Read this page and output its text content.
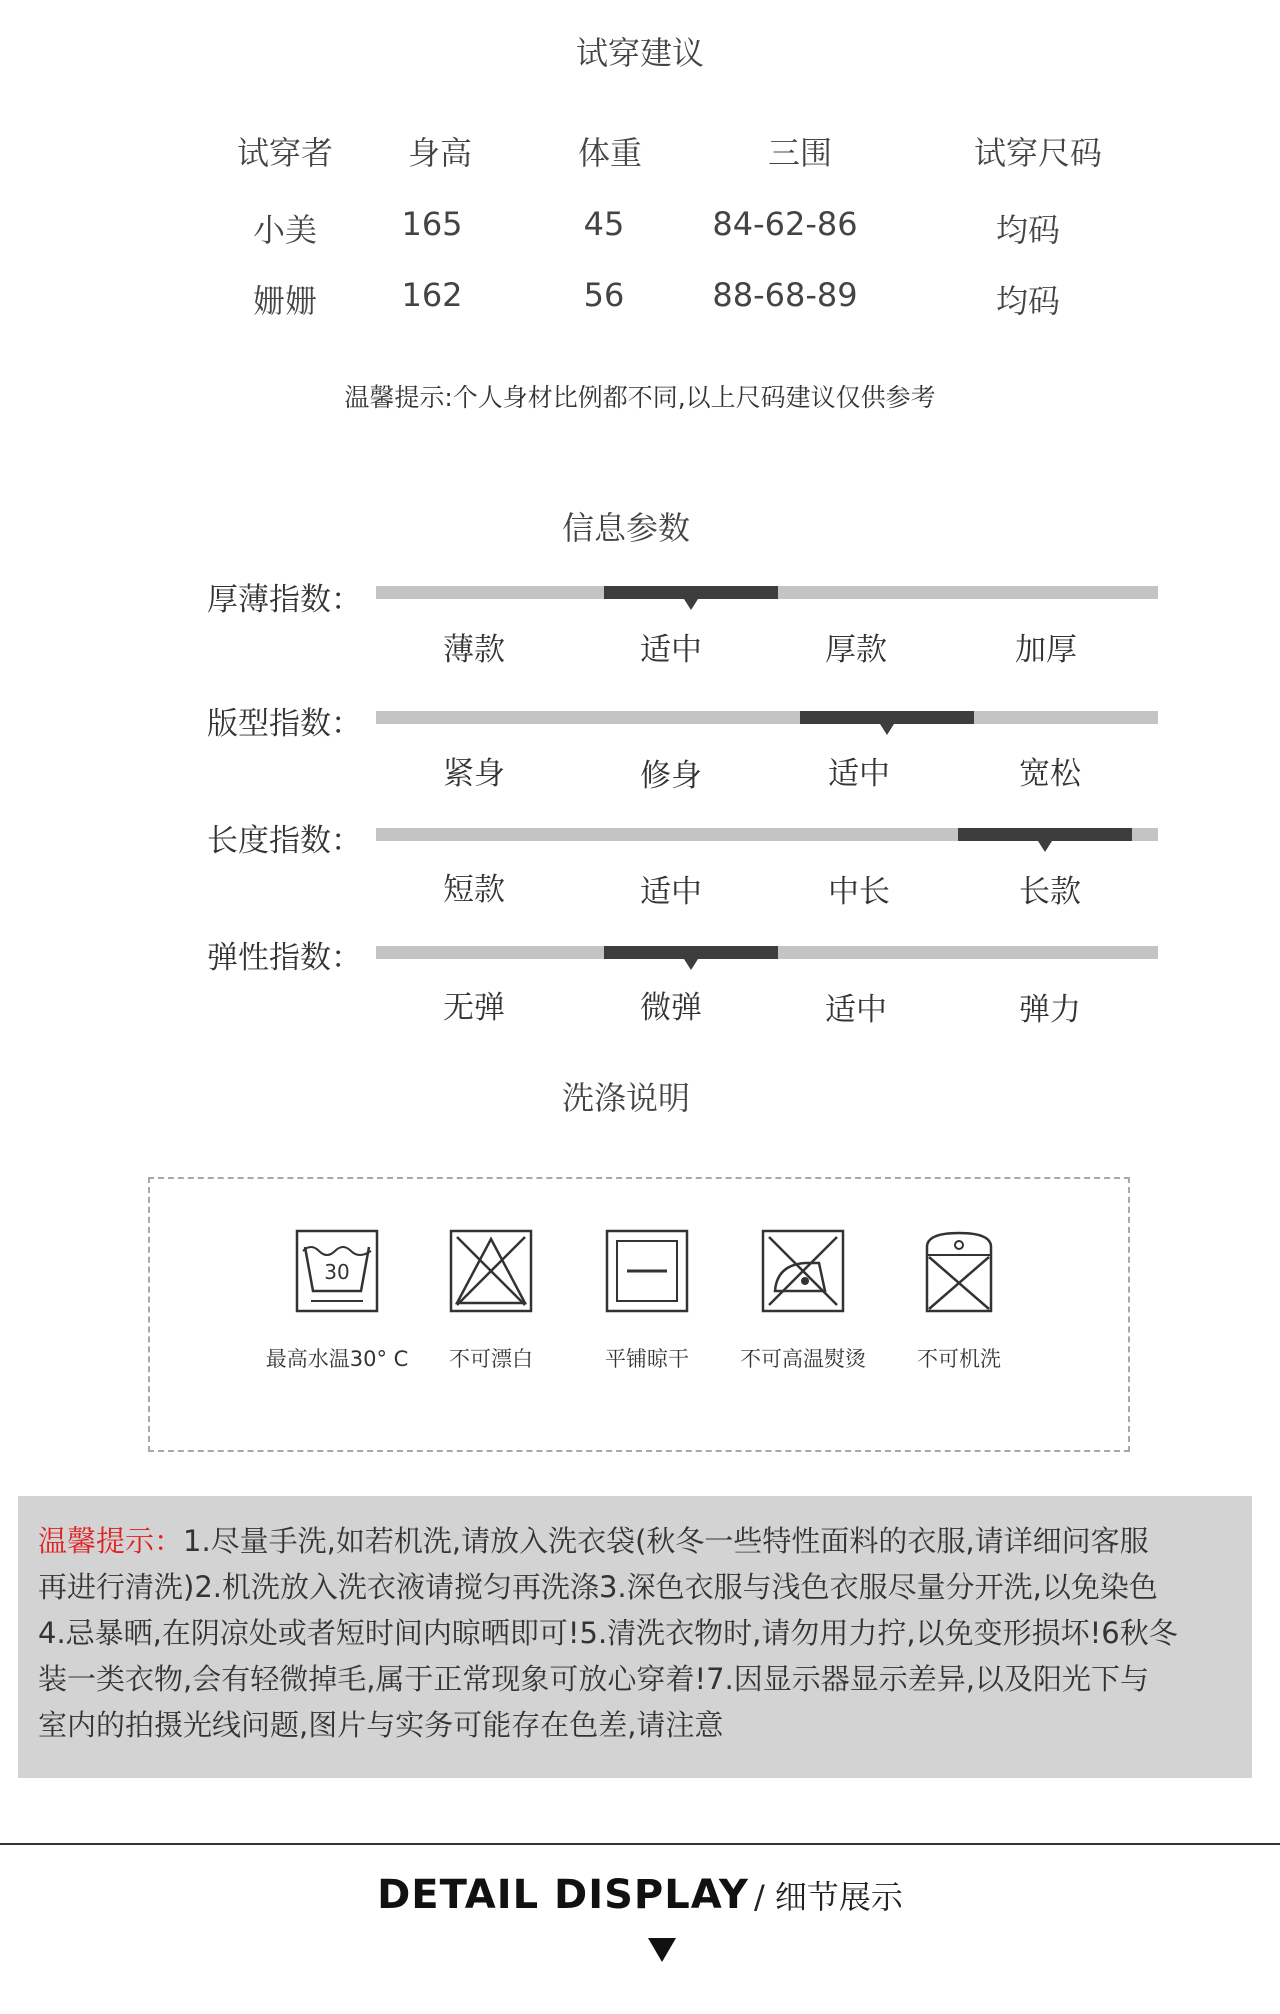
试穿建议
试穿者	身高	体重	三围	试穿尺码
小美	165	45	84-62-86	均码
姗姗	162	56	88-68-89	均码
温馨提示:个人身材比例都不同,以上尺码建议仅供参考
信息参数
厚薄指数：
薄款	适中	厚款	加厚
版型指数：
紧身	修身	适中	宽松
长度指数：
短款	适中	中长	长款
弹性指数：
无弹	微弹	适中	弹力
洗涤说明
30
最高水温30° C	不可漂白	平铺晾干	不可高温熨烫	不可机洗

温馨提示：1.尽量手洗,如若机洗,请放入洗衣袋(秋冬一些特性面料的衣服,请详细问客服

再进行清洗)2.机洗放入洗衣液请搅匀再洗涤3.深色衣服与浅色衣服尽量分开洗,以免染色

4.忌暴晒,在阴凉处或者短时间内晾晒即可!5.清洗衣物时,请勿用力拧,以免变形损坏!6秋冬

装一类衣物,会有轻微掉毛,属于正常现象可放心穿着!7.因显示器显示差异,以及阳光下与

室内的拍摄光线问题,图片与实务可能存在色差,请注意

DETAIL DISPLAY / 细节展示
